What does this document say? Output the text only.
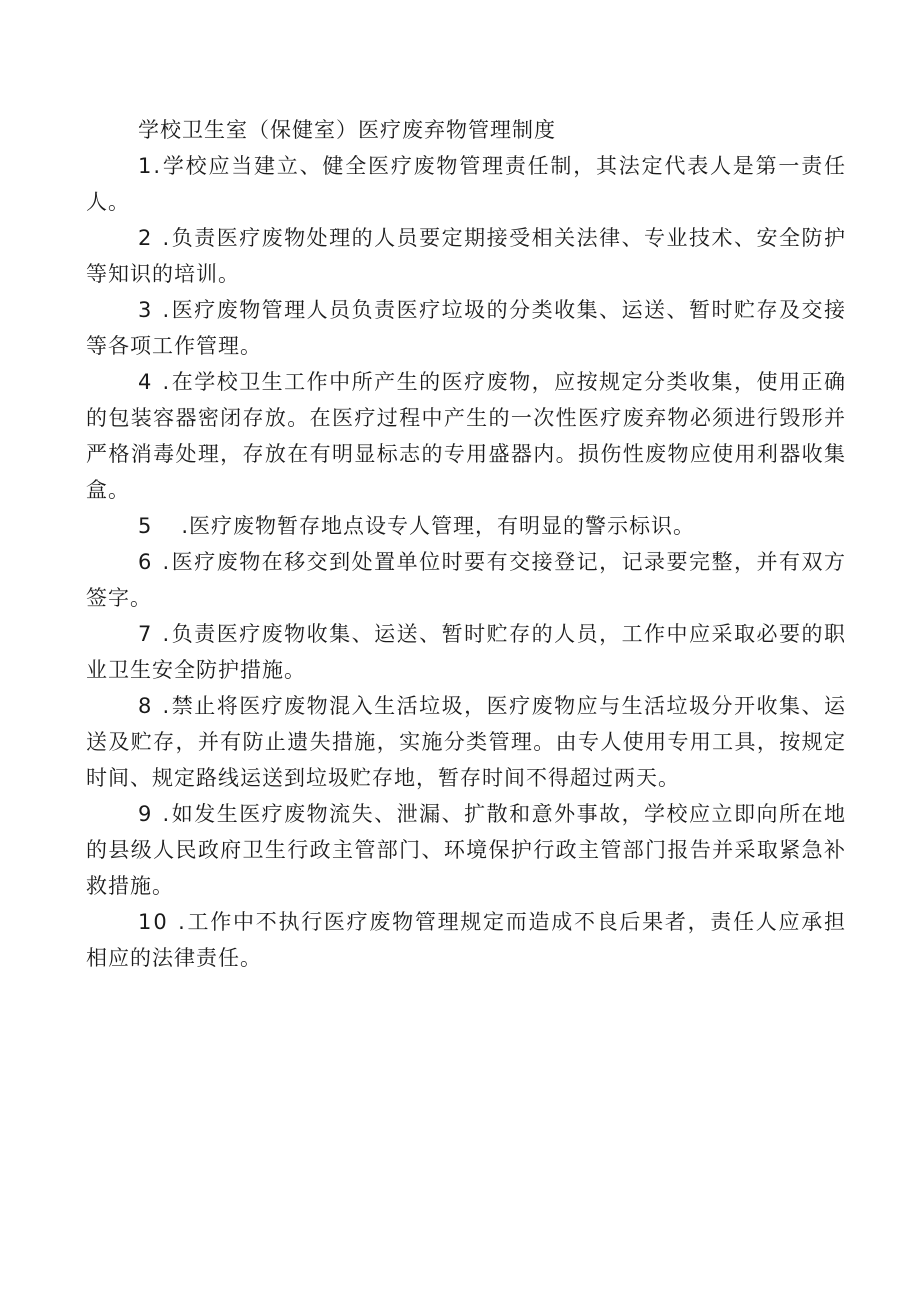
学校卫生室（保健室）医疗废弃物管理制度

1.学校应当建立、健全医疗废物管理责任制，其法定代表人是第一责任人。

2 .负责医疗废物处理的人员要定期接受相关法律、专业技术、安全防护等知识的培训。

3 .医疗废物管理人员负责医疗垃圾的分类收集、运送、暂时贮存及交接等各项工作管理。

4 .在学校卫生工作中所产生的医疗废物，应按规定分类收集，使用正确的包装容器密闭存放。在医疗过程中产生的一次性医疗废弃物必须进行毁形并严格消毒处理，存放在有明显标志的专用盛器内。损伤性废物应使用利器收集盒。

5 .医疗废物暂存地点设专人管理，有明显的警示标识。

6 .医疗废物在移交到处置单位时要有交接登记，记录要完整，并有双方签字。

7 .负责医疗废物收集、运送、暂时贮存的人员，工作中应采取必要的职业卫生安全防护措施。

8 .禁止将医疗废物混入生活垃圾，医疗废物应与生活垃圾分开收集、运送及贮存，并有防止遗失措施，实施分类管理。由专人使用专用工具，按规定时间、规定路线运送到垃圾贮存地，暂存时间不得超过两天。

9 .如发生医疗废物流失、泄漏、扩散和意外事故，学校应立即向所在地的县级人民政府卫生行政主管部门、环境保护行政主管部门报告并采取紧急补救措施。

10 .工作中不执行医疗废物管理规定而造成不良后果者，责任人应承担相应的法律责任。
